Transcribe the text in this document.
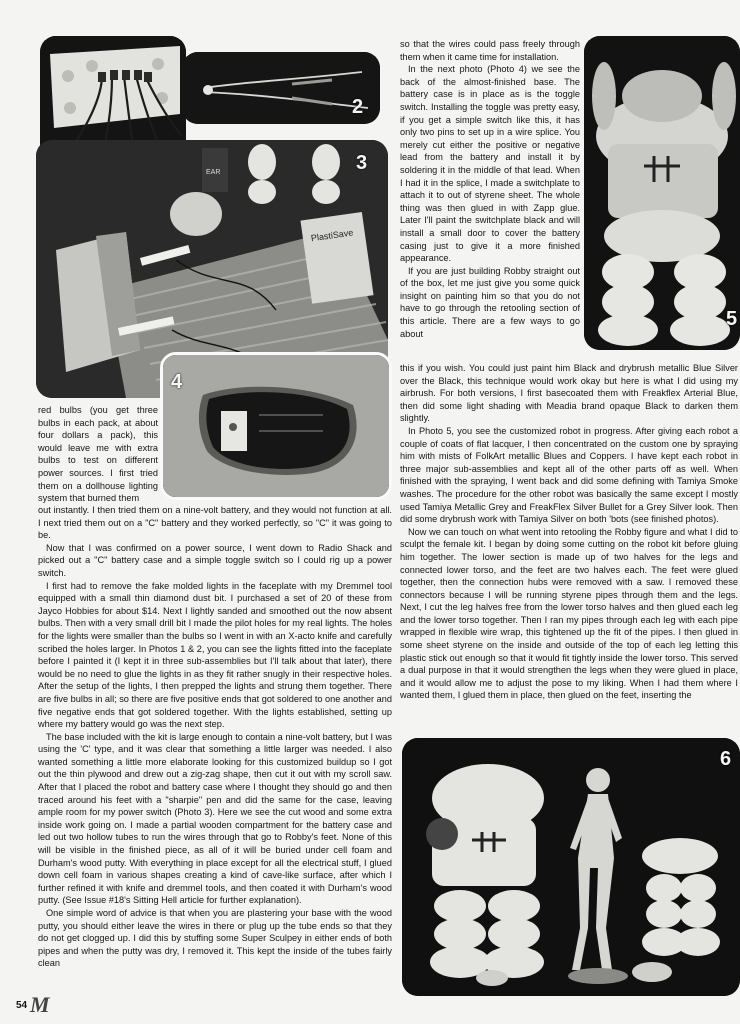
2
PlastiSave
EAR	3
4
5
6

so that the wires could pass freely through them when it came time for installation.

In the next photo (Photo 4) we see the back of the almost-finished base. The battery case is in place as is the toggle switch. Installing the toggle was pretty easy, if you get a simple switch like this, it has only two pins to set up in a wire splice. You merely cut either the positive or negative lead from the battery and install it by soldering it in the middle of that lead. When I had it in the splice, I made a switchplate to attach it to out of styrene sheet. The whole thing was then glued in with Zapp glue. Later I'll paint the switchplate black and will install a small door to cover the battery casing just to give it a more finished appearance.

If you are just building Robby straight out of the box, let me just give you some quick insight on painting him so that you do not have to go through the retooling section of this article. There are a few ways to go about

this if you wish. You could just paint him Black and drybrush metallic Blue Silver over the Black, this technique would work okay but here is what I did using my airbrush. For both versions, I first basecoated them with Freakflex Arterial Blue, then did some light shading with Meadia brand opaque Black to darken them slightly.

In Photo 5, you see the customized robot in progress. After giving each robot a couple of coats of flat lacquer, I then concentrated on the custom one by spraying him with mists of FolkArt metallic Blues and Coppers. I have kept each robot in three major sub-assemblies and kept all of the other parts off as well. When finished with the spraying, I went back and did some defining with Tamiya Smoke washes. The procedure for the other robot was basically the same except I mostly used Tamiya Metallic Grey and FreakFlex Silver Bullet for a Grey Silver look. Then did some drybrush work with Tamiya Silver on both 'bots (see finished photos).

Now we can touch on what went into retooling the Robby figure and what I did to sculpt the female kit. I began by doing some cutting on the robot kit before gluing him together. The lower section is made up of two halves for the legs and connected lower torso, and the feet are two halves each. The feet were glued together, then the connection hubs were removed with a saw. I removed these connectors because I will be running styrene pipes through them and the legs. Next, I cut the leg halves free from the lower torso halves and then glued each leg and the lower torso together. Then I ran my pipes through each leg with each pipe wrapped in flexible wire wrap, this tightened up the fit of the pipes. I then glued in some sheet styrene on the inside and outside of the top of each leg letting this plastic stick out enough so that it would fit tightly inside the lower torso. This served a dual purpose in that it would strengthen the legs when they were glued in place, and it would allow me to adjust the pose to my liking. When I had them where I wanted them, I glued them in place, then glued on the feet, inserting the

red bulbs (you get three bulbs in each pack, at about four dollars a pack), this would leave me with extra bulbs to test on different power sources. I first tried them on a dollhouse lighting system that burned them

out instantly. I then tried them on a nine-volt battery, and they would not function at all. I next tried them out on a "C" battery and they worked perfectly, so "C" it was going to be.

Now that I was confirmed on a power source, I went down to Radio Shack and picked out a "C" battery case and a simple toggle switch so I could rig up a power switch.

I first had to remove the fake molded lights in the faceplate with my Dremmel tool equipped with a small thin diamond dust bit. I purchased a set of 20 of these from Jayco Hobbies for about $14. Next I lightly sanded and smoothed out the now absent bulbs. Then with a very small drill bit I made the pilot holes for my real lights. The holes for the lights were smaller than the bulbs so I went in with an X-acto knife and carefully scribed the holes larger. In Photos 1 & 2, you can see the lights fitted into the faceplate before I painted it (I kept it in three sub-assemblies but I'll talk about that later), there would be no need to glue the lights in as they fit rather snugly in their respective holes. After the setup of the lights, I then prepped the lights and strung them together. There are five bulbs in all; so there are five positive ends that got soldered to one another and five negative ends that got soldered together. With the lights established, setting up where my battery would go was the next step.

The base included with the kit is large enough to contain a nine-volt battery, but I was using the 'C' type, and it was clear that something a little larger was needed. I also wanted something a little more elaborate looking for this customized buildup so I got out the thin plywood and drew out a zig-zag shape, then cut it out with my scroll saw. After that I placed the robot and battery case where I thought they should go and then traced around his feet with a "sharpie" pen and did the same for the case, leaving ample room for my power switch (Photo 3). Here we see the cut wood and some extra inside work going on. I made a partial wooden compartment for the battery case and led out two hollow tubes to run the wires through that go to Robby's feet. None of this will be visible in the finished piece, as all of it will be buried under cell foam and Durham's wood putty. With everything in place except for all the electrical stuff, I glued down cell foam in various shapes creating a kind of cave-like surface, after which I further refined it with knife and dremmel tools, and then coated it with Durham's wood putty. (See Issue #18's Sitting Hell article for further explanation).

One simple word of advice is that when you are plastering your base with the wood putty, you should either leave the wires in there or plug up the tube ends so that they do not get clogged up. I did this by stuffing some Super Sculpey in either ends of both pipes and when the putty was dry, I removed it. This kept the inside of the tubes fairly clean

54 M
